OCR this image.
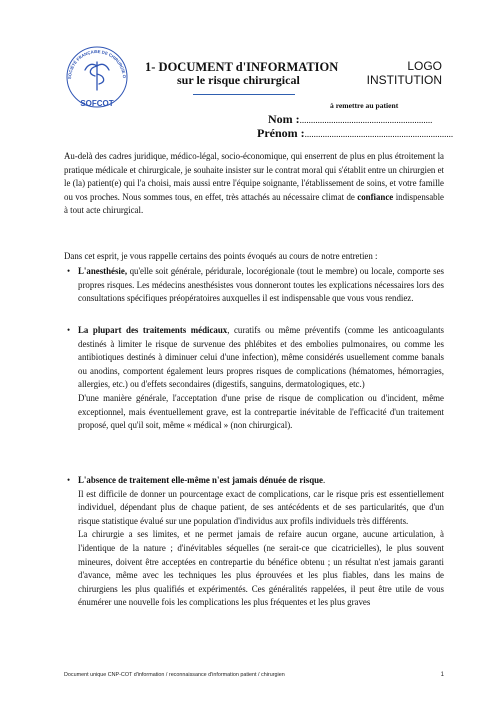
SOCIÉTÉ FRANÇAISE DE CHIRURGIE O
SOFCOT
1- DOCUMENT d'INFORMATION
sur le risque chirurgical
LOGO
INSTITUTION
à remettre au patient
Nom :...........................................................
Prénom :..................................................................
Au-delà des cadres juridique, médico-légal, socio-économique, qui enserrent de plus en plus étroitement la pratique médicale et chirurgicale, je souhaite insister sur le contrat moral qui s'établit entre un chirurgien et le (la) patient(e) qui l'a choisi, mais aussi entre l'équipe soignante, l'établissement de soins, et votre famille ou vos proches. Nous sommes tous, en effet, très attachés au nécessaire climat de confiance indispensable à tout acte chirurgical.
Dans cet esprit, je vous rappelle certains des points évoqués au cours de notre entretien :
• L'anesthésie, qu'elle soit générale, péridurale, locorégionale (tout le membre) ou locale, comporte ses propres risques. Les médecins anesthésistes vous donneront toutes les explications nécessaires lors des consultations spécifiques préopératoires auxquelles il est indispensable que vous vous rendiez.

• La plupart des traitements médicaux, curatifs ou même préventifs (comme les anticoagulants destinés à limiter le risque de survenue des phlébites et des embolies pulmonaires, ou comme les antibiotiques destinés à diminuer celui d'une infection), même considérés usuellement comme banals ou anodins, comportent également leurs propres risques de complications (hématomes, hémorragies, allergies, etc.) ou d'effets secondaires (digestifs, sanguins, dermatologiques, etc.)

D'une manière générale, l'acceptation d'une prise de risque de complication ou d'incident, même exceptionnel, mais éventuellement grave, est la contrepartie inévitable de l'efficacité d'un traitement proposé, quel qu'il soit, même « médical » (non chirurgical).

• L'absence de traitement elle-même n'est jamais dénuée de risque.

Il est difficile de donner un pourcentage exact de complications, car le risque pris est essentiellement individuel, dépendant plus de chaque patient, de ses antécédents et de ses particularités, que d'un risque statistique évalué sur une population d'individus aux profils individuels très différents.

La chirurgie a ses limites, et ne permet jamais de refaire aucun organe, aucune articulation, à l'identique de la nature ; d'inévitables séquelles (ne serait-ce que cicatricielles), le plus souvent mineures, doivent être acceptées en contrepartie du bénéfice obtenu ; un résultat n'est jamais garanti d'avance, même avec les techniques les plus éprouvées et les plus fiables, dans les mains de chirurgiens les plus qualifiés et expérimentés. Ces généralités rappelées, il peut être utile de vous énumérer une nouvelle fois les complications les plus fréquentes et les plus graves

Document unique CNP-COT d'information / reconnaissance d'information patient / chirurgien	1
